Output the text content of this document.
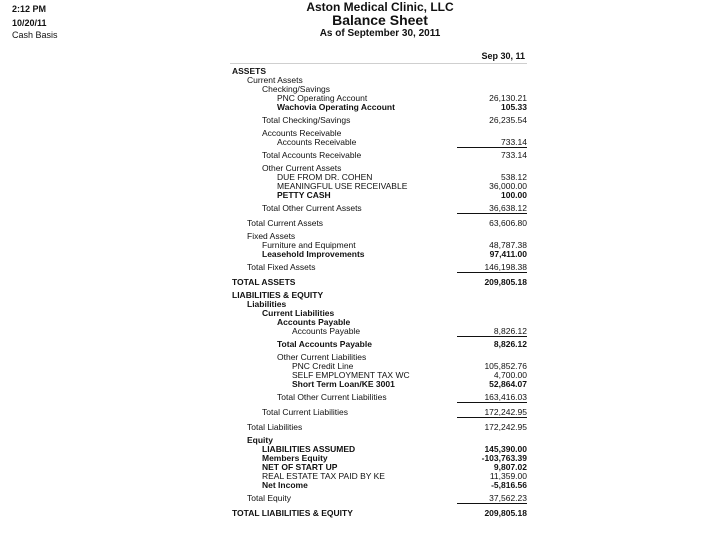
2:12 PM
10/20/11
Cash Basis
Aston Medical Clinic, LLC
Balance Sheet
As of September 30, 2011
Sep 30, 11
ASSETS
Current Assets
Checking/Savings
PNC Operating Account	26,130.21
Wachovia Operating Account	105.33
Total Checking/Savings	26,235.54
Accounts Receivable
Accounts Receivable	733.14
Total Accounts Receivable	733.14
Other Current Assets
DUE FROM DR. COHEN	538.12
MEANINGFUL USE RECEIVABLE	36,000.00
PETTY CASH	100.00
Total Other Current Assets	36,638.12
Total Current Assets	63,606.80
Fixed Assets
Furniture and Equipment	48,787.38
Leasehold Improvements	97,411.00
Total Fixed Assets	146,198.38
TOTAL ASSETS	209,805.18
LIABILITIES & EQUITY
Liabilities
Current Liabilities
Accounts Payable
Accounts Payable	8,826.12
Total Accounts Payable	8,826.12
Other Current Liabilities
PNC Credit Line	105,852.76
SELF EMPLOYMENT TAX WC	4,700.00
Short Term Loan/KE 3001	52,864.07
Total Other Current Liabilities	163,416.03
Total Current Liabilities	172,242.95
Total Liabilities	172,242.95
Equity
LIABILITIES ASSUMED	145,390.00
Members Equity	-103,763.39
NET OF START UP	9,807.02
REAL ESTATE TAX PAID BY KE	11,359.00
Net Income	-5,816.56
Total Equity	37,562.23
TOTAL LIABILITIES & EQUITY	209,805.18
